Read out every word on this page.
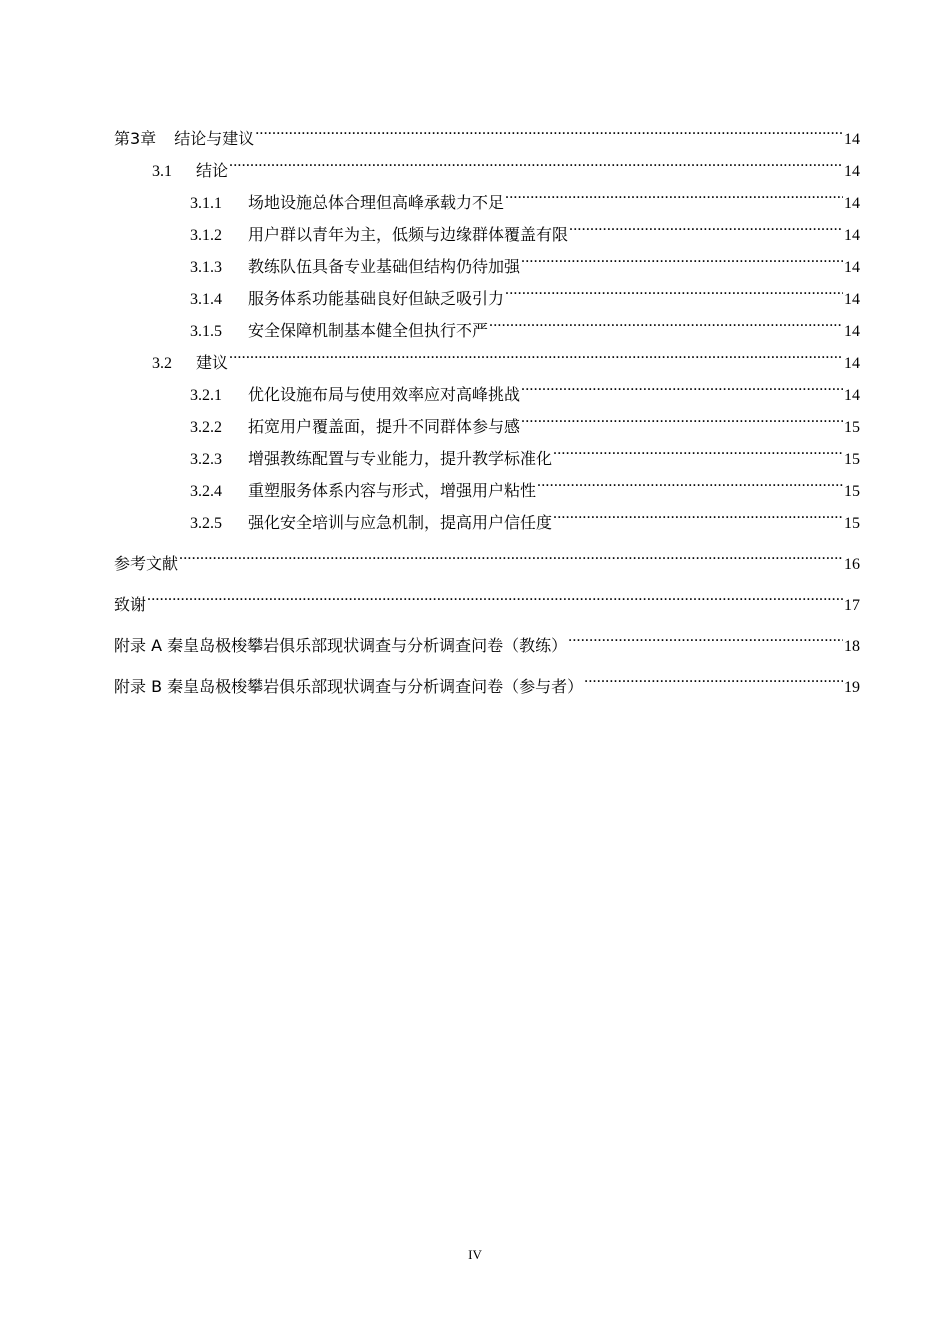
第3章 结论与建议 .....	14
3.1	结论 .....	14
3.1.1	场地设施总体合理但高峰承载力不足 .....	14
3.1.2	用户群以青年为主，低频与边缘群体覆盖有限 .....	14
3.1.3	教练队伍具备专业基础但结构仍待加强 .....	14
3.1.4	服务体系功能基础良好但缺乏吸引力 .....	14
3.1.5	安全保障机制基本健全但执行不严 .....	14
3.2	建议 .....	14
3.2.1	优化设施布局与使用效率应对高峰挑战 .....	14
3.2.2	拓宽用户覆盖面，提升不同群体参与感 .....	15
3.2.3	增强教练配置与专业能力，提升教学标准化 .....	15
3.2.4	重塑服务体系内容与形式，增强用户粘性 .....	15
3.2.5	强化安全培训与应急机制，提高用户信任度 .....	15
参考文献 .....	16
致谢 .....	17
附录 A 秦皇岛极梭攀岩俱乐部现状调查与分析调查问卷（教练） .....	18
附录 B 秦皇岛极梭攀岩俱乐部现状调查与分析调查问卷（参与者） .....	19
IV
